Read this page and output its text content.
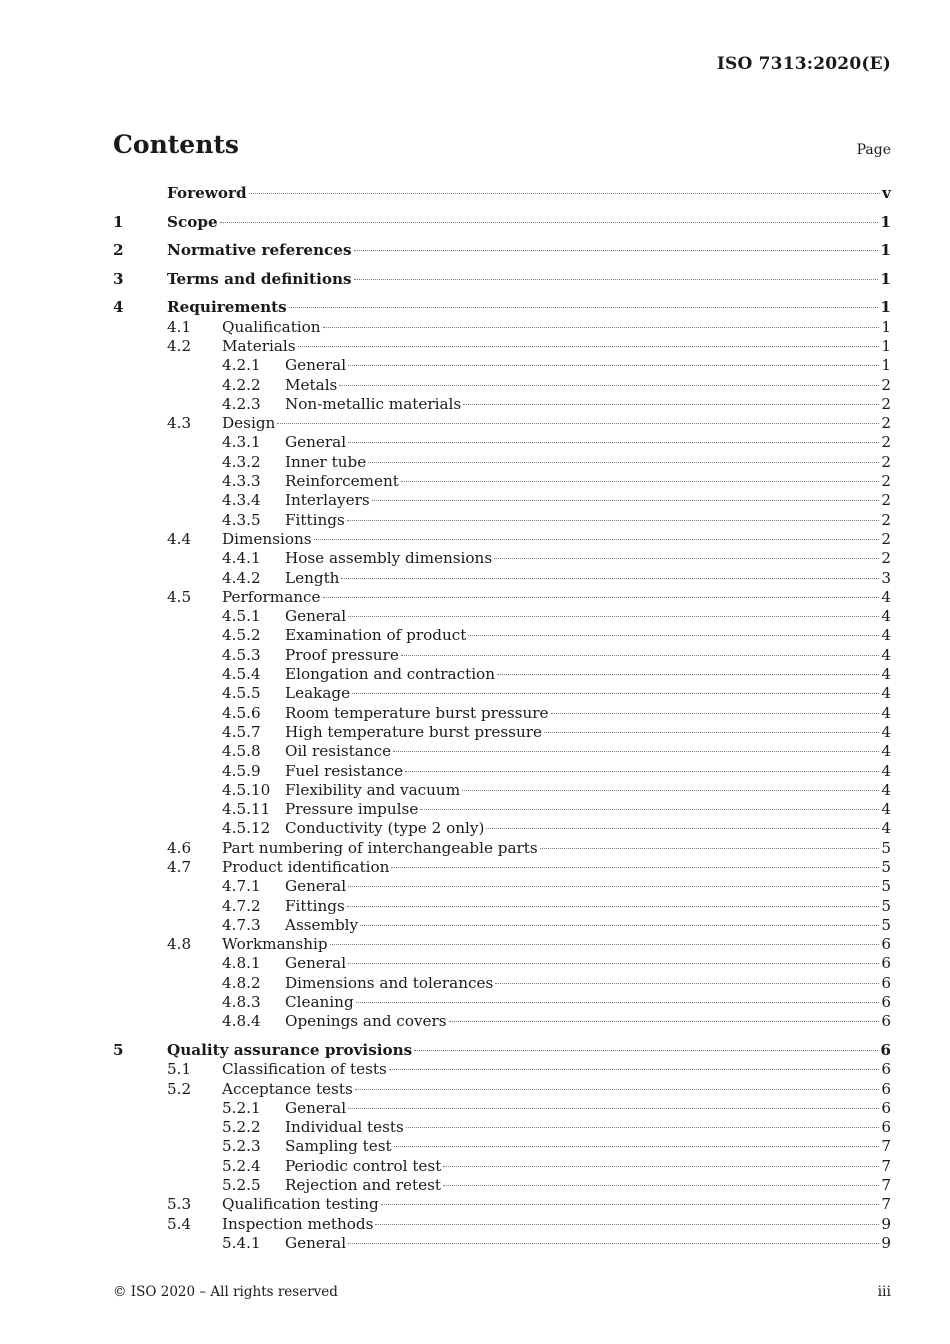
ISO 7313:2020(E)
Contents	Page
Foreword	v
1	Scope	1
2	Normative references	1
3	Terms and definitions	1
4	Requirements	1
4.1	Qualification	1
4.2	Materials	1
4.2.1	General	1
4.2.2	Metals	2
4.2.3	Non-metallic materials	2
4.3	Design	2
4.3.1	General	2
4.3.2	Inner tube	2
4.3.3	Reinforcement	2
4.3.4	Interlayers	2
4.3.5	Fittings	2
4.4	Dimensions	2
4.4.1	Hose assembly dimensions	2
4.4.2	Length	3
4.5	Performance	4
4.5.1	General	4
4.5.2	Examination of product	4
4.5.3	Proof pressure	4
4.5.4	Elongation and contraction	4
4.5.5	Leakage	4
4.5.6	Room temperature burst pressure	4
4.5.7	High temperature burst pressure	4
4.5.8	Oil resistance	4
4.5.9	Fuel resistance	4
4.5.10 Flexibility and vacuum	4
4.5.11 Pressure impulse	4
4.5.12 Conductivity (type 2 only)	4
4.6	Part numbering of interchangeable parts	5
4.7	Product identification	5
4.7.1	General	5
4.7.2	Fittings	5
4.7.3	Assembly	5
4.8	Workmanship	6
4.8.1	General	6
4.8.2	Dimensions and tolerances	6
4.8.3	Cleaning	6
4.8.4	Openings and covers	6
5	Quality assurance provisions	6
5.1	Classification of tests	6
5.2	Acceptance tests	6
5.2.1	General	6
5.2.2	Individual tests	6
5.2.3	Sampling test	7
5.2.4	Periodic control test	7
5.2.5	Rejection and retest	7
5.3	Qualification testing	7
5.4	Inspection methods	9
5.4.1	General	9
© ISO 2020 – All rights reserved	iii
